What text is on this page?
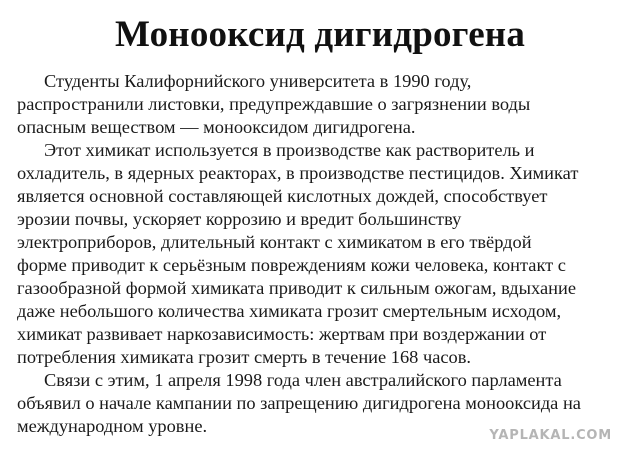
Монооксид дигидрогена
Студенты Калифорнийского университета в 1990 году,
распространили листовки, предупреждавшие о загрязнении воды
опасным веществом — монооксидом дигидрогена.
Этот химикат используется в производстве как растворитель и
охладитель, в ядерных реакторах, в производстве пестицидов. Химикат
является основной составляющей кислотных дождей, способствует
эрозии почвы, ускоряет коррозию и вредит большинству
электроприборов, длительный контакт с химикатом в его твёрдой
форме приводит к серьёзным повреждениям кожи человека, контакт с
газообразной формой химиката приводит к сильным ожогам, вдыхание
даже небольшого количества химиката грозит смертельным исходом,
химикат развивает наркозависимость: жертвам при воздержании от
потребления химиката грозит смерть в течение 168 часов.
Связи с этим, 1 апреля 1998 года член австралийского парламента
объявил о начале кампании по запрещению дигидрогена монооксида на
международном уровне.	YAPLAKAL.COM
